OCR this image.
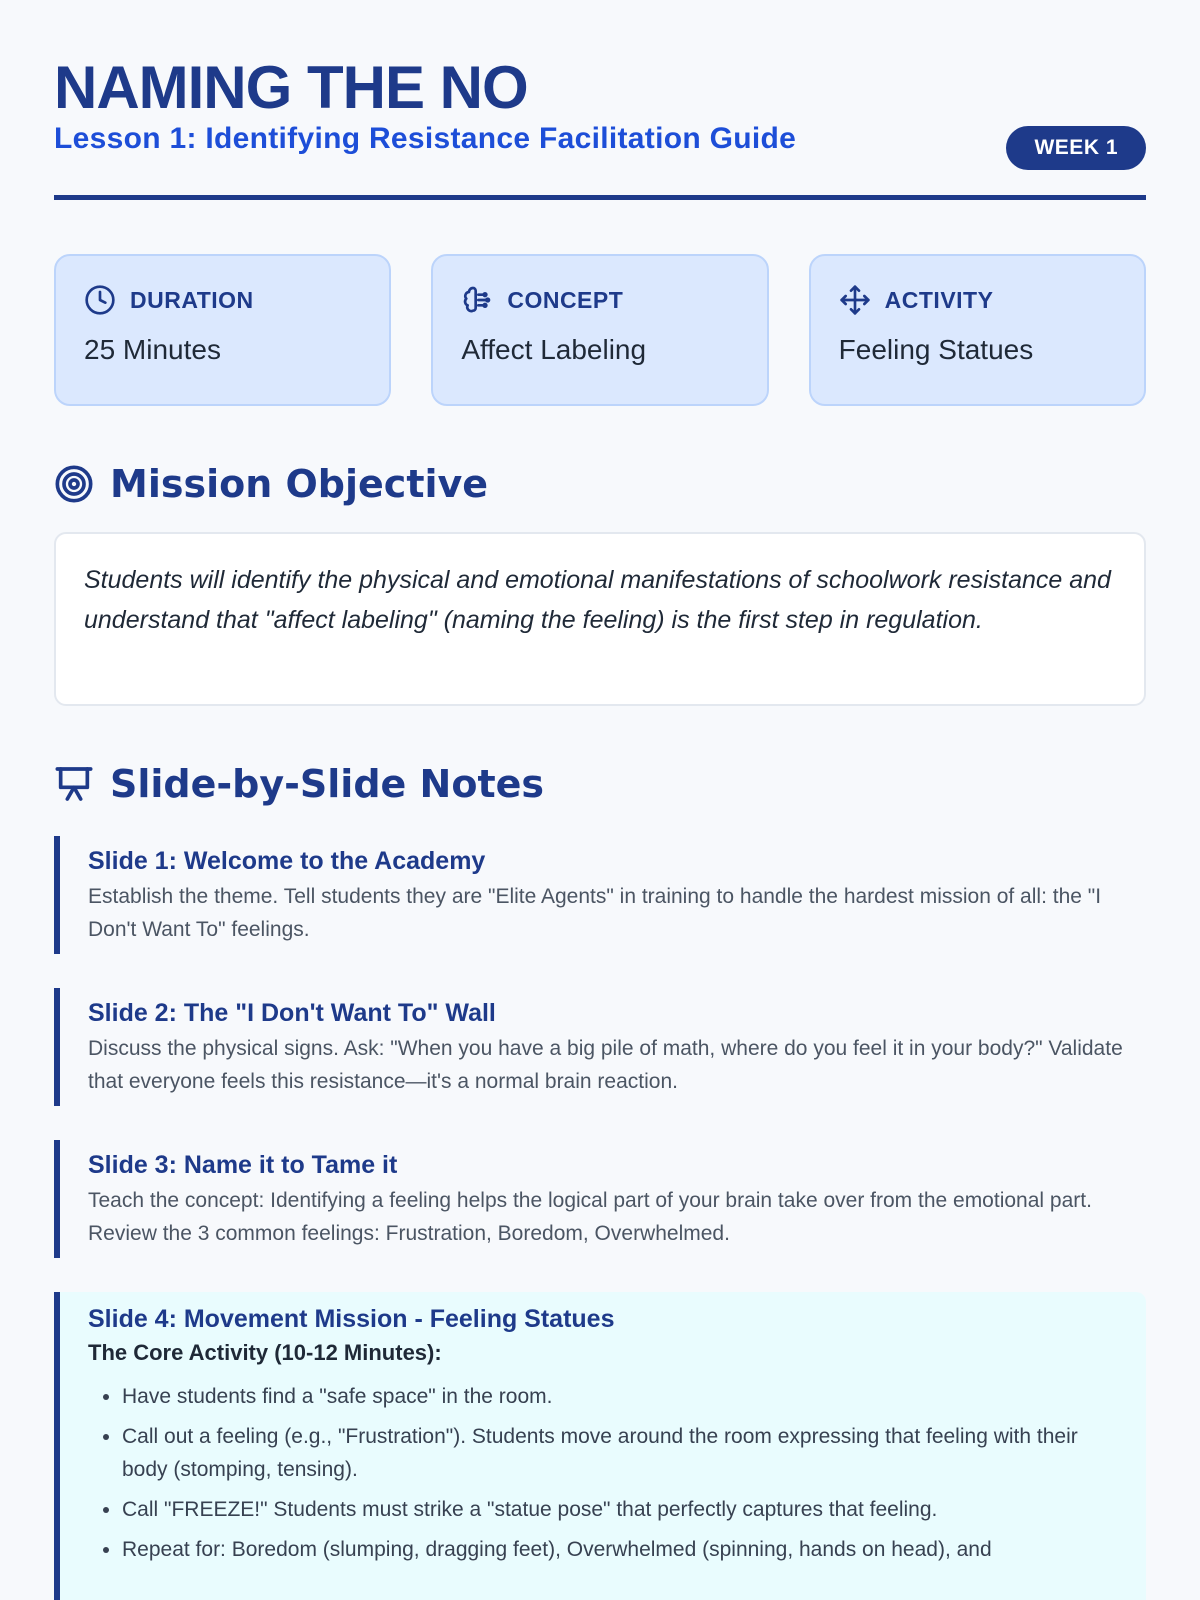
NAMING THE NO
Lesson 1: Identifying Resistance Facilitation Guide	WEEK 1
DURATION
25 Minutes
CONCEPT
Affect Labeling
ACTIVITY
Feeling Statues
Mission Objective
Students will identify the physical and emotional manifestations of schoolwork resistance and understand that "affect labeling" (naming the feeling) is the first step in regulation.
Slide-by-Slide Notes
Slide 1: Welcome to the Academy
Establish the theme. Tell students they are "Elite Agents" in training to handle the hardest mission of all: the "I Don't Want To" feelings.
Slide 2: The "I Don't Want To" Wall
Discuss the physical signs. Ask: "When you have a big pile of math, where do you feel it in your body?" Validate that everyone feels this resistance—it's a normal brain reaction.
Slide 3: Name it to Tame it
Teach the concept: Identifying a feeling helps the logical part of your brain take over from the emotional part. Review the 3 common feelings: Frustration, Boredom, Overwhelmed.
Slide 4: Movement Mission - Feeling Statues
The Core Activity (10-12 Minutes):
• Have students find a "safe space" in the room.
• Call out a feeling (e.g., "Frustration"). Students move around the room expressing that feeling with their body (stomping, tensing).
• Call "FREEZE!" Students must strike a "statue pose" that perfectly captures that feeling.
• Repeat for: Boredom (slumping, dragging feet), Overwhelmed (spinning, hands on head), and
